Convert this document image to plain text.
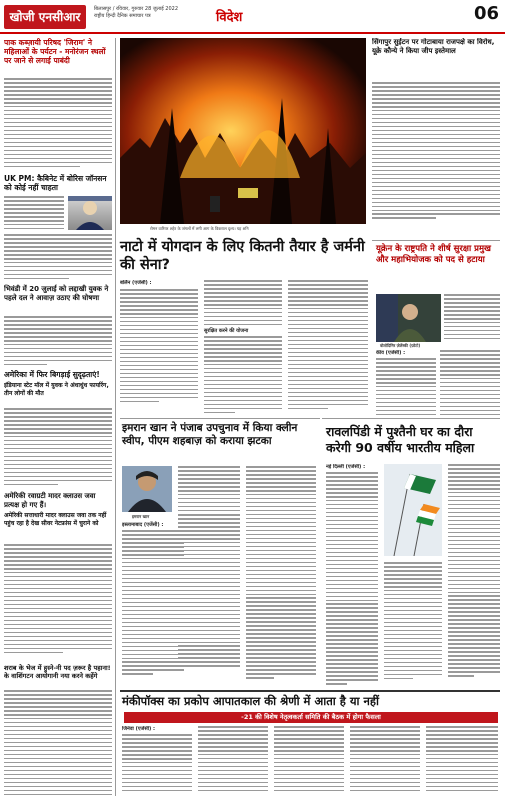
खोजी एनसीआर
बिलासपुर / रविवार, गुरुवार 28 जुलाई 2022
राष्ट्रीय हिन्दी दैनिक समाचार पत्र	विदेश	06
पाक कब्ज़ायी परिषद 'जिराम' ने महिलाओं के पर्यटन - मनोरंजन स्थलों पर जाने से लगाई पाबंदी
UK PM: कैबिनेट में बोरिस जॉनसन को कोई नहीं चाहता
भिवंडी में 20 जुलाई को लद्दाखी युवक ने पहले दल ने आवाज़ उठाए की घोषणा
अमेरिका में फिर बिगड़ाई सुदृढ़ताएं!
इंडियाना स्टेट मॉल में युवक ने अंधाधुंध फायरिंग, तीन लोगों की मौत
अमेरिकी रवाग्रटी मादर क्लाउस जवा प्रत्यक्ष हो गए हैं।
अमेरिकी सत्ताधारी मादर क्लाउस जवा तक नहीं पहुंच रहा है देख सीवर नेटफ्रांस में चुराने को
शराब के भेज में हुस्ने-नी पद ज़रूर है पहाना! के वाशिंगटन आयोगानी नया करने कहेंगे
रोमन वारियर शहेर के जंगलों में लगी आग के विकराल दृश्य। यह शनि
सिंगापुर सुईटन पर गोटाबाया राजपक्षे का विरोध, यूक्रे कौन्ये ने किया जीप इस्तेमाल
नाटो में योगदान के लिए कितनी तैयार है जर्मनी की सेना?
बर्लिन (एजेंसी) :
सुरक्षित करने की योजना
यूक्रेन के राष्ट्रपति ने शीर्ष सुरक्षा प्रमुख और महाभियोजक को पद से हटाया
वोलोदिमिर ज़ेलेंस्की (फ़ोटो)
कीव (एजेंसी) :
इमरान खान ने पंजाब उपचुनाव में किया क्लीन स्वीप, पीएम शहबाज़ को कराया झटका
इमरान खान
इस्लामाबाद (एजेंसी) :
रावलपिंडी में पुश्तैनी घर का दौरा करेगी 90 वर्षीय भारतीय महिला
नई दिल्ली (एजेंसी) :
मंकीपॉक्स का प्रकोप आपातकाल की श्रेणी में आता है या नहीं
-21 की विशेष नेतृत्वकर्ता समिति की बैठक में होगा फैसला
जिनेवा (एजेंसी) :
